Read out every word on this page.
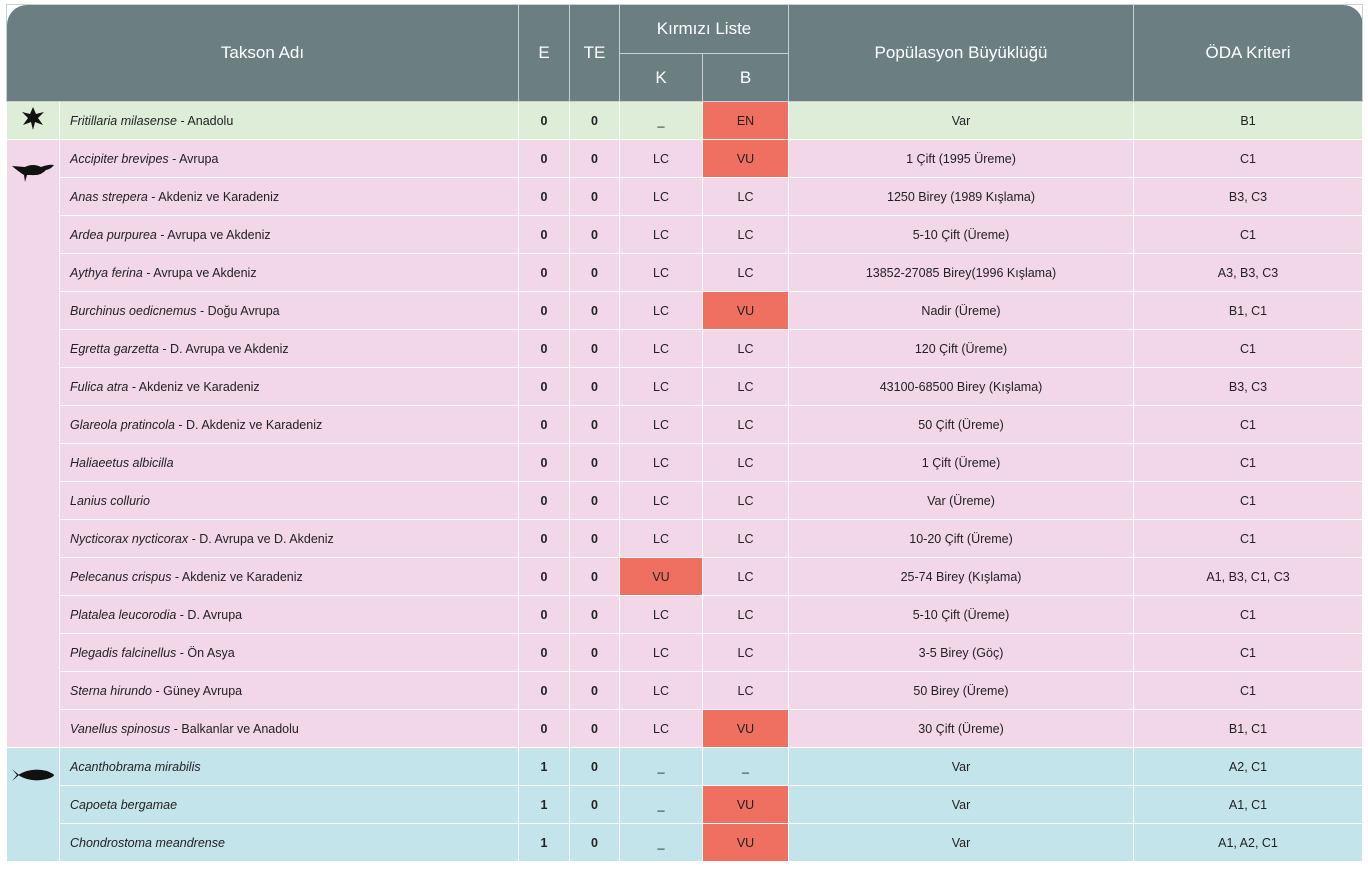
Takson Adı		E	TE	Kırmızı Liste		Popülasyon Büyüklüğü	ÖDA Kriteri
				K	B		

	Fritillaria milasense - Anadolu	0	0	_	EN	Var	B1

	Accipiter brevipes - Avrupa	0	0	LC	VU	1 Çift (1995 Üreme)	C1
	Anas strepera - Akdeniz ve Karadeniz	0	0	LC	LC	1250 Birey (1989 Kışlama)	B3, C3
	Ardea purpurea - Avrupa ve Akdeniz	0	0	LC	LC	5-10 Çift (Üreme)	C1
	Aythya ferina - Avrupa ve Akdeniz	0	0	LC	LC	13852-27085 Birey(1996 Kışlama)	A3, B3, C3
	Burchinus oedicnemus - Doğu Avrupa	0	0	LC	VU	Nadir (Üreme)	B1, C1
	Egretta garzetta - D. Avrupa ve Akdeniz	0	0	LC	LC	120 Çift (Üreme)	C1
	Fulica atra - Akdeniz ve Karadeniz	0	0	LC	LC	43100-68500 Birey (Kışlama)	B3, C3
	Glareola pratincola - D. Akdeniz ve Karadeniz	0	0	LC	LC	50 Çift (Üreme)	C1
	Haliaeetus albicilla	0	0	LC	LC	1 Çift (Üreme)	C1
	Lanius collurio	0	0	LC	LC	Var (Üreme)	C1
	Nycticorax nycticorax - D. Avrupa ve D. Akdeniz	0	0	LC	LC	10-20 Çift (Üreme)	C1
	Pelecanus crispus - Akdeniz ve Karadeniz	0	0	VU	LC	25-74 Birey (Kışlama)	A1, B3, C1, C3
	Platalea leucorodia - D. Avrupa	0	0	LC	LC	5-10 Çift (Üreme)	C1
	Plegadis falcinellus - Ön Asya	0	0	LC	LC	3-5 Birey (Göç)	C1
	Sterna hirundo - Güney Avrupa	0	0	LC	LC	50 Birey (Üreme)	C1
	Vanellus spinosus - Balkanlar ve Anadolu	0	0	LC	VU	30 Çift (Üreme)	B1, C1

	Acanthobrama mirabilis	1	0	_	_	Var	A2, C1
	Capoeta bergamae	1	0	_	VU	Var	A1, C1
	Chondrostoma meandrense	1	0	_	VU	Var	A1, A2, C1
